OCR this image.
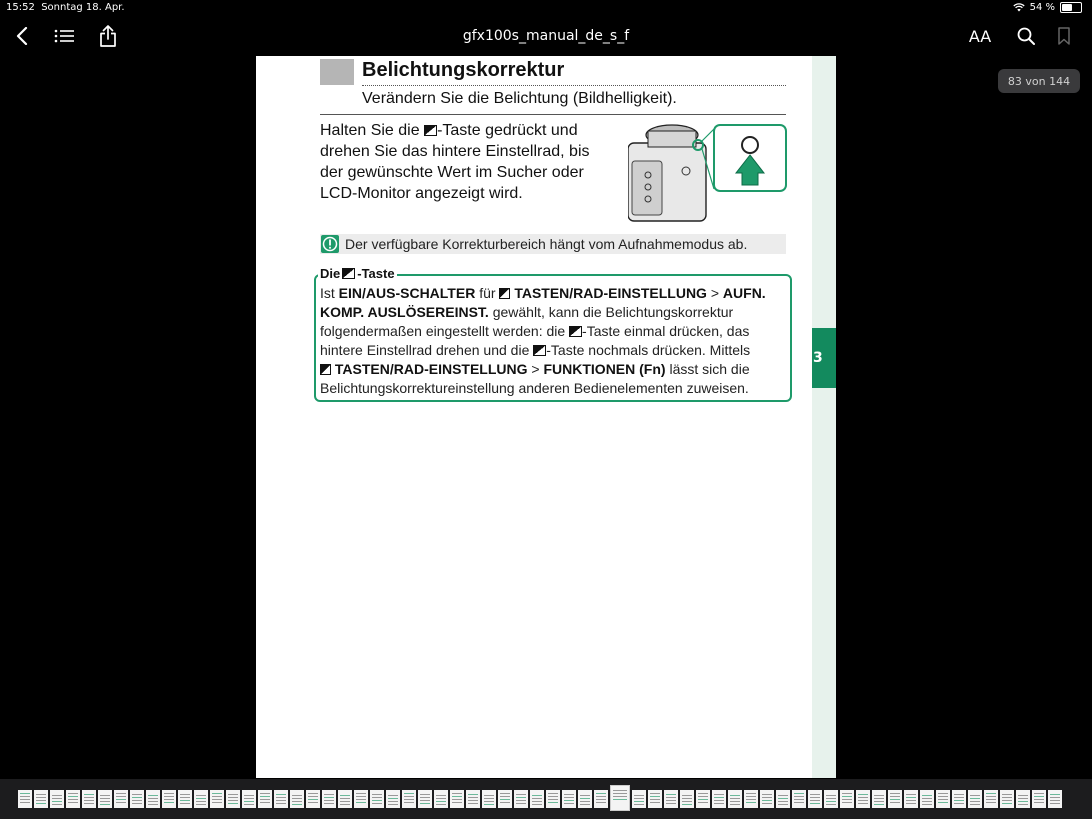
15:52 Sonntag 18. Apr.	54 %
gfx100s_manual_de_s_f	AA
83 von 144
Belichtungskorrektur
Verändern Sie die Belichtung (Bildhelligkeit).
Halten Sie die -Taste gedrückt und drehen Sie das hintere Einstellrad, bis der gewünschte Wert im Sucher oder LCD-Monitor angezeigt wird.
Der verfügbare Korrekturbereich hängt vom Aufnahmemodus ab.
Die -Taste
Ist EIN/AUS-SCHALTER für  TASTEN/RAD-EINSTELLUNG > AUFN. KOMP. AUSLÖSEREINST. gewählt, kann die Belichtungskorrektur folgendermaßen eingestellt werden: die -Taste einmal drücken, das hintere Einstellrad drehen und die -Taste nochmals drücken. Mittels
TASTEN/RAD-EINSTELLUNG > FUNKTIONEN (Fn) lässt sich die Belichtungskorrektureinstellung anderen Bedienelementen zuweisen.
3
